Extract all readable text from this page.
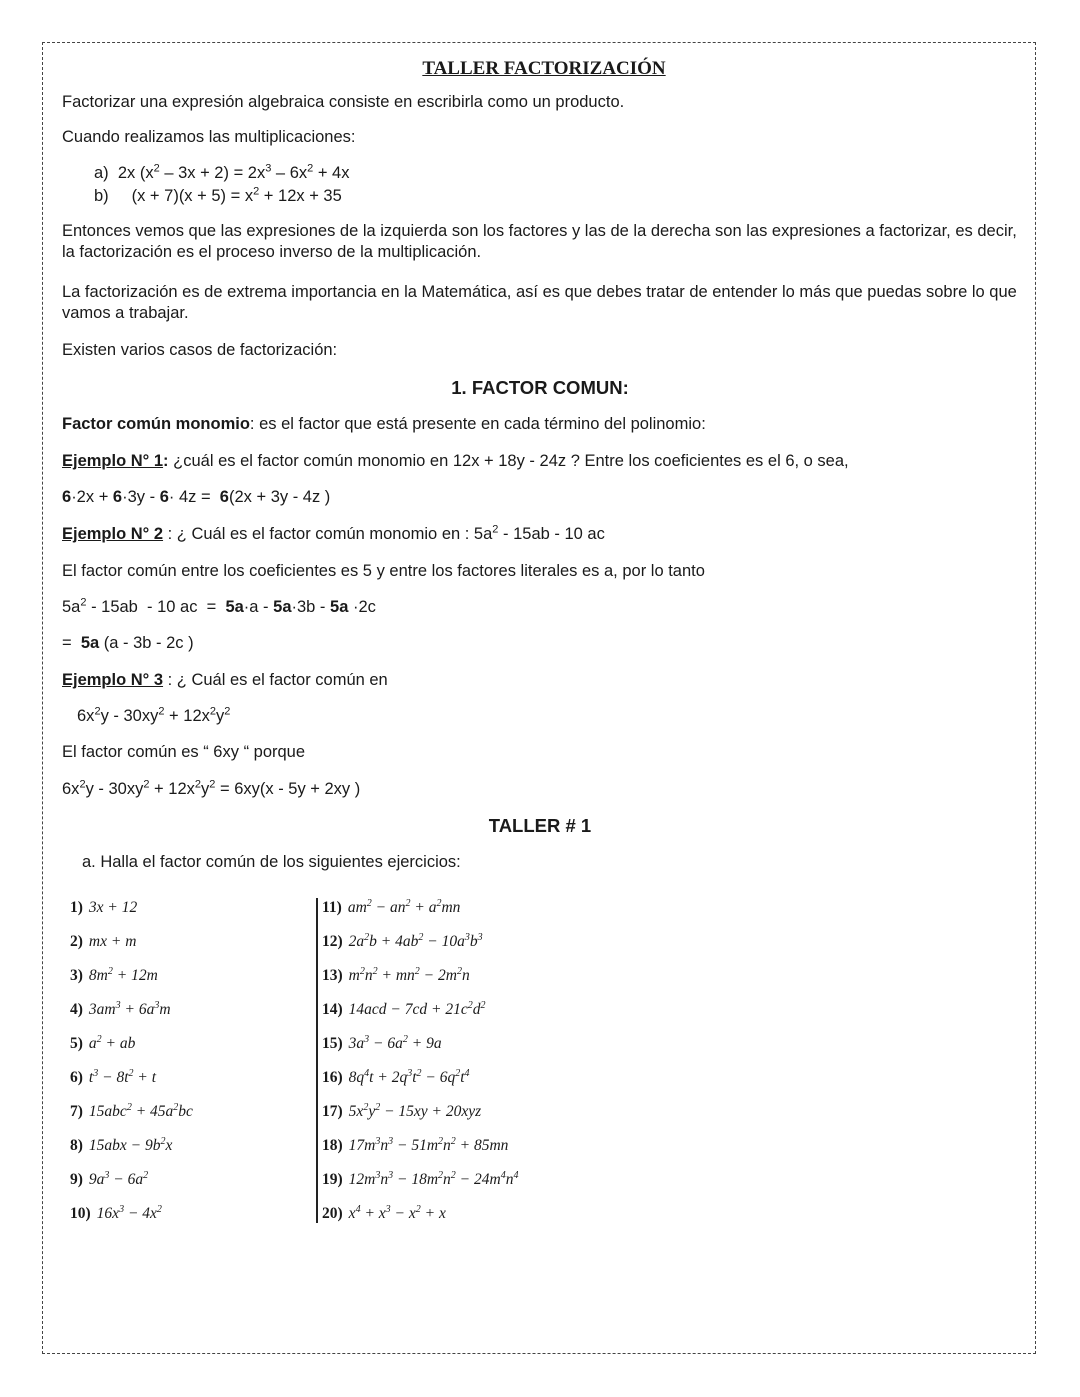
TALLER FACTORIZACIÓN
Factorizar una expresión algebraica consiste en escribirla como un producto.
Cuando realizamos las multiplicaciones:
a)  2x $(x^2 - 3x + 2) = 2x^3 - 6x^2 + 4x$
b)     $(x + 7)(x + 5) = x^2 + 12x + 35$
Entonces vemos que las expresiones de la izquierda son los factores y las de la derecha son las expresiones a factorizar, es decir, la factorización es el proceso inverso de la multiplicación.
La factorización es de extrema importancia en la Matemática, así es que debes tratar de entender lo más que puedas sobre lo que vamos a trabajar.
Existen varios casos de factorización:
1. FACTOR COMUN:
Factor común monomio: es el factor que está presente en cada término del polinomio:
Ejemplo N° 1: ¿cuál es el factor común monomio en 12x + 18y - 24z ? Entre los coeficientes es el 6, o sea,
6·2x + 6·3y - 6· 4z =  6(2x + 3y - 4z )
Ejemplo N° 2 : ¿ Cuál es el factor común monomio en : $5a^2 - 15ab - 10$ ac
El factor común entre los coeficientes es 5 y entre los factores literales es a, por lo tanto
$5a^2 - 15ab - 10$ ac  =  5a·a - 5a·3b - 5a ·2c
=  5a (a - 3b - 2c )
Ejemplo N° 3 : ¿ Cuál es el factor común en
$6x^2y - 30xy^2 + 12x^2y^2$
El factor común es “ 6xy “ porque
$6x^2y - 30xy^2 + 12x^2y^2 = 6xy(x - 5y + 2xy$ )
TALLER # 1
a. Halla el factor común de los siguientes ejercicios:
1) 3x + 12
2) mx + m
3) $8m^2 + 12m$
4) $3am^3 + 6a^3m$
5) $a^2$ + ab
6) $t^3 - 8t^2 + t$
7) $15abc^2 + 45a^2bc$
8) $15abx - 9b^2x$
9) $9a^3 - 6a^2$
10) $16x^3 - 4x^2$
11) $am^2 - an^2 + a^2mn$
12) $2a^2b + 4ab^2 - 10a^3b^3$
13) $m^2n^2 + mn^2 - 2m^2n$
14) $14acd - 7cd + 21c^2d^2$
15) $3a^3 - 6a^2 + 9a$
16) $8q^4t + 2q^3t^2 - 6q^2t^4$
17) $5x^2y^2 - 15xy + 20xyz$
18) $17m^3n^3 - 51m^2n^2 + 85mn$
19) $12m^3n^3 - 18m^2n^2 - 24m^4n^4$
20) $x^4 + x^3 - x^2 + x$
